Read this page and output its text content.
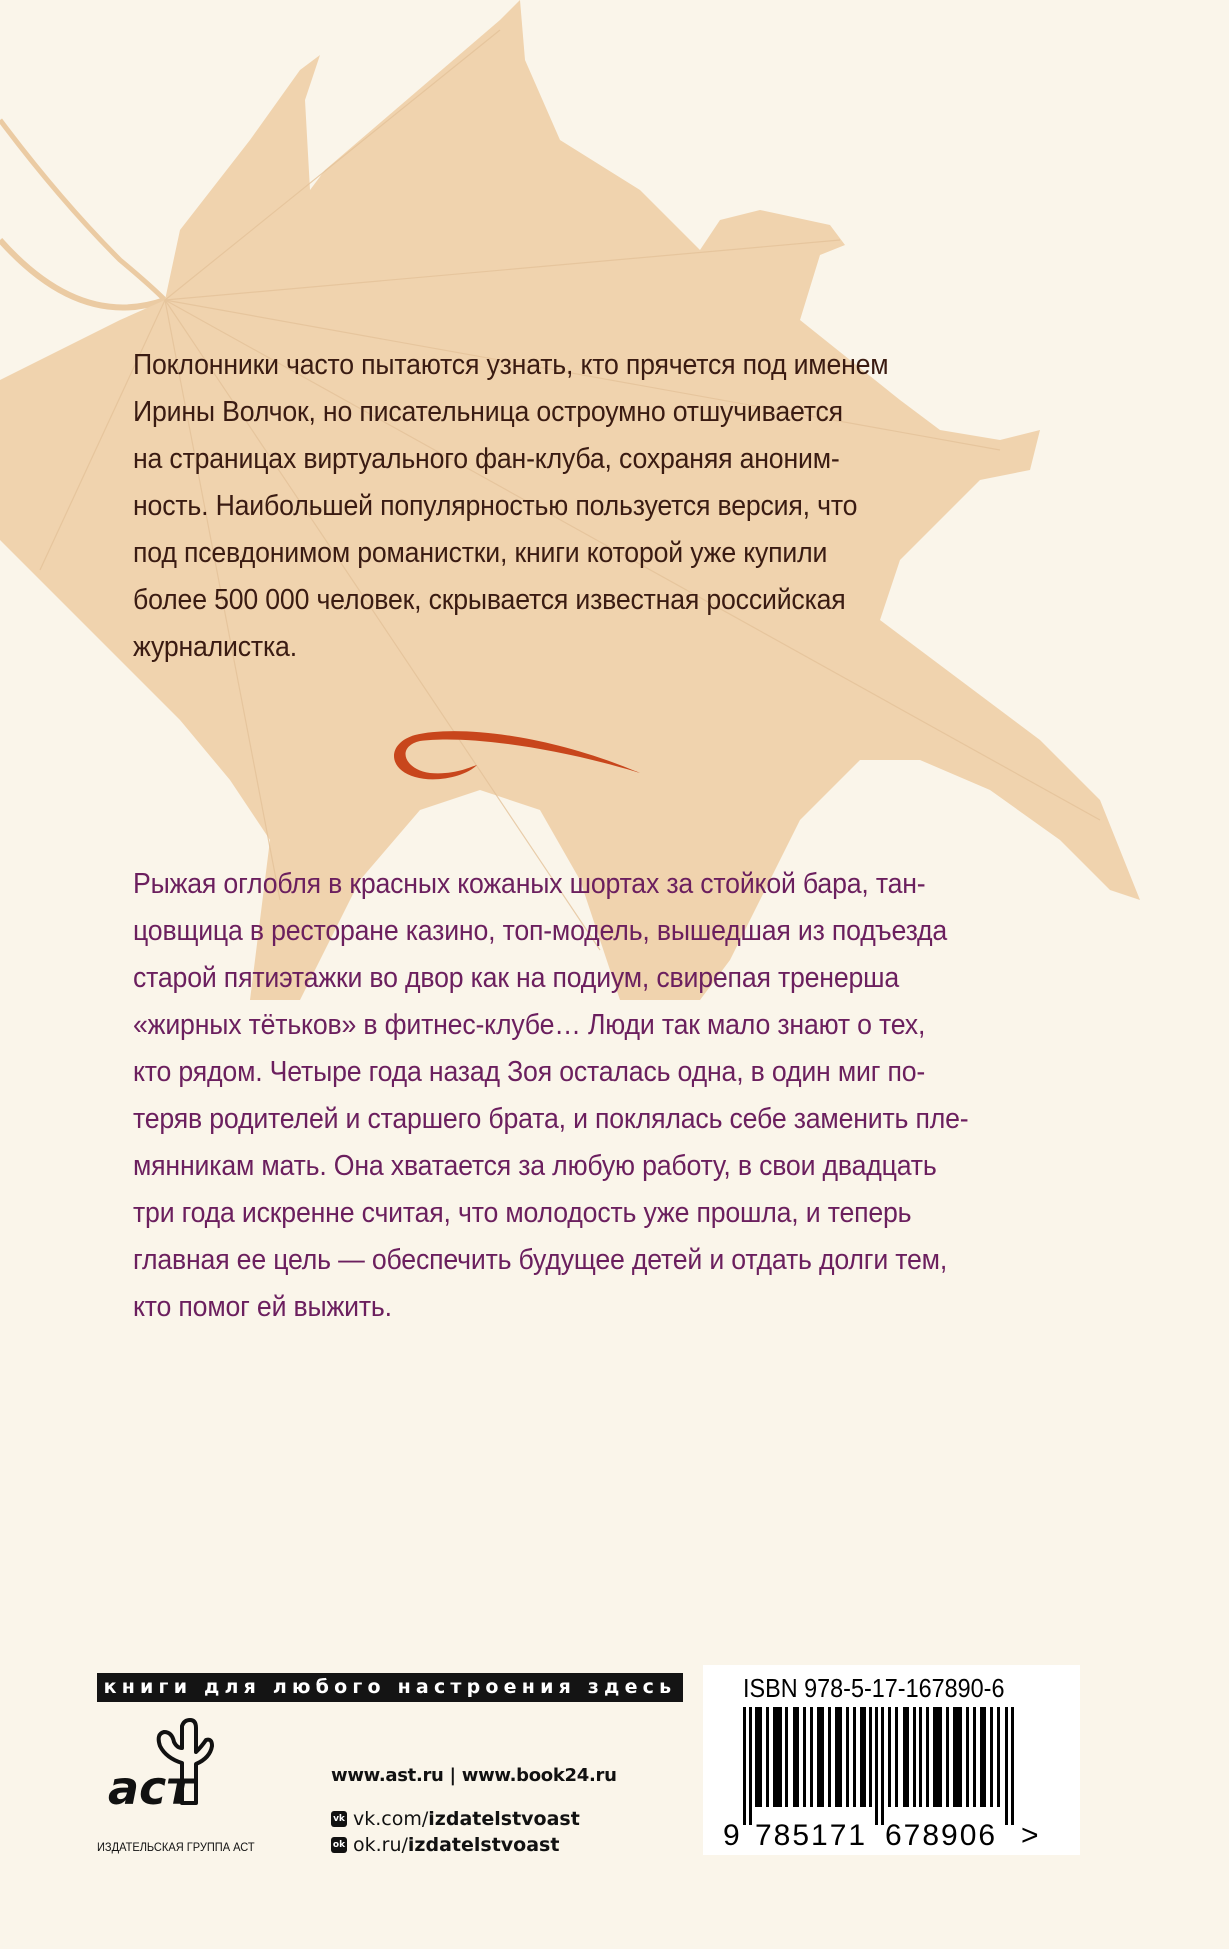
Поклонники часто пытаются узнать, кто прячется под именем
Ирины Волчок, но писательница остроумно отшучивается
на страницах виртуального фан-клуба, сохраняя аноним-
ность. Наибольшей популярностью пользуется версия, что
под псевдонимом романистки, книги которой уже купили
более 500 000 человек, скрывается известная российская
журналистка.
Рыжая оглобля в красных кожаных шортах за стойкой бара, тан-
цовщица в ресторане казино, топ-модель, вышедшая из подъезда
старой пятиэтажки во двор как на подиум, свирепая тренерша
«жирных тётьков» в фитнес-клубе… Люди так мало знают о тех,
кто рядом. Четыре года назад Зоя осталась одна, в один миг по-
теряв родителей и старшего брата, и поклялась себе заменить пле-
мянникам мать. Она хватается за любую работу, в свои двадцать
три года искренне считая, что молодость уже прошла, и теперь
главная ее цель — обеспечить будущее детей и отдать долги тем,
кто помог ей выжить.
книги для любого настроения здесь
аст
ИЗДАТЕЛЬСКАЯ ГРУППА АСТ
www.ast.ru | www.book24.ru
vk vk.com/ izdatelstvoast
ok ok.ru/ izdatelstvoast
ISBN 978-5-17-167890-6
9 785171 678906 >
